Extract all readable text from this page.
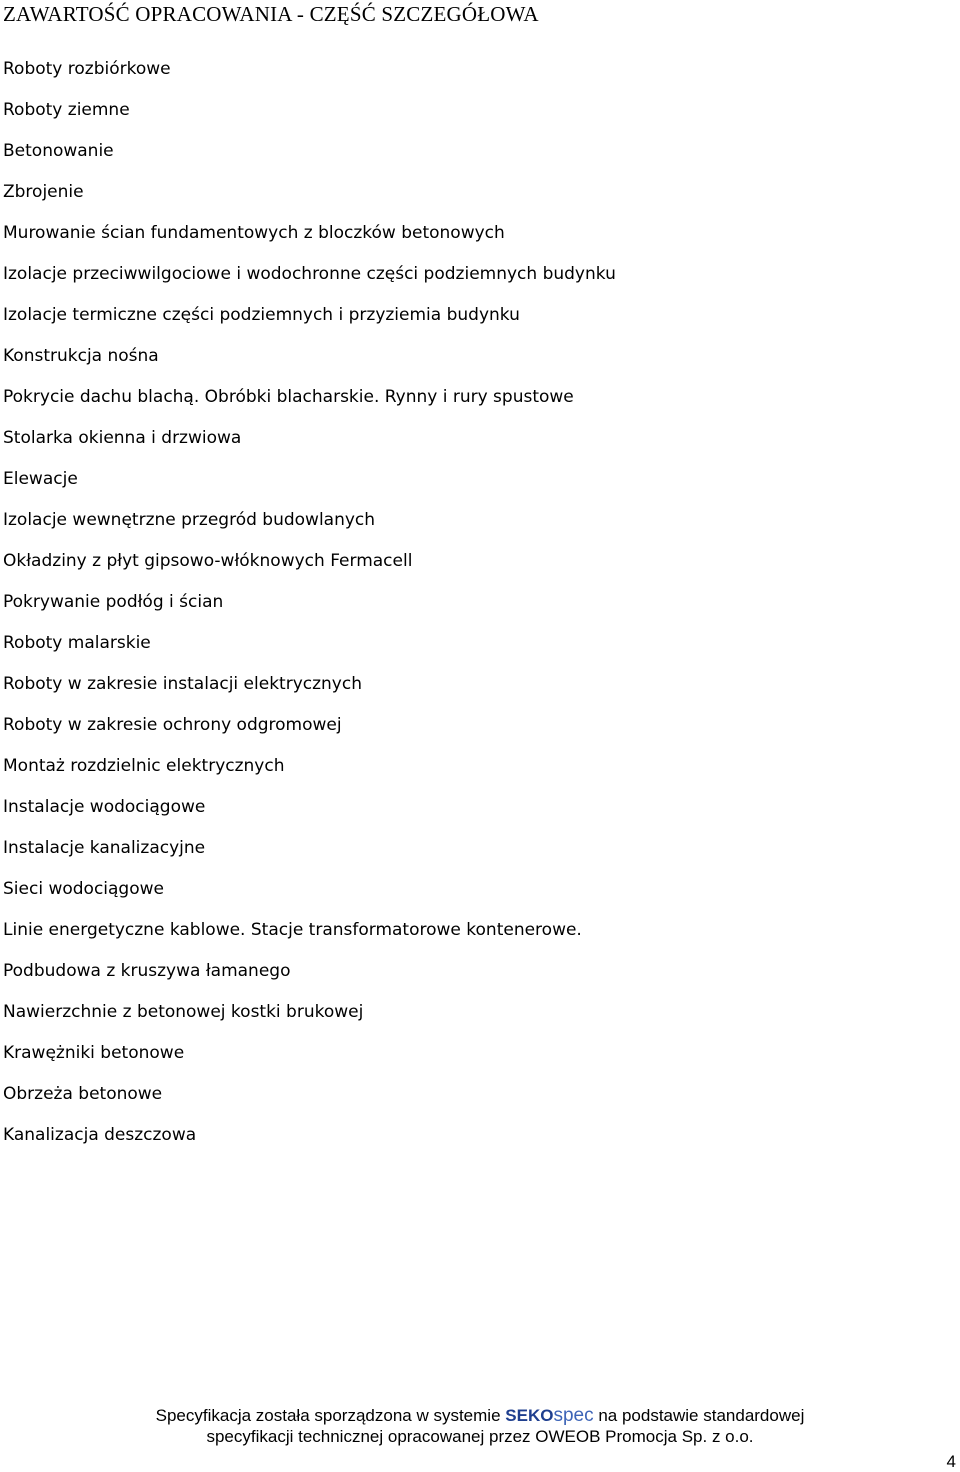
ZAWARTOŚĆ OPRACOWANIA - CZĘŚĆ SZCZEGÓŁOWA
Roboty rozbiórkowe
Roboty ziemne
Betonowanie
Zbrojenie
Murowanie ścian fundamentowych z bloczków betonowych
Izolacje przeciwwilgociowe i wodochronne części podziemnych budynku
Izolacje termiczne części podziemnych i przyziemia budynku
Konstrukcja nośna
Pokrycie dachu blachą. Obróbki blacharskie. Rynny i rury spustowe
Stolarka okienna i drzwiowa
Elewacje
Izolacje wewnętrzne przegród budowlanych
Okładziny z płyt gipsowo-włóknowych Fermacell
Pokrywanie podłóg i ścian
Roboty malarskie
Roboty w zakresie instalacji elektrycznych
Roboty w zakresie ochrony odgromowej
Montaż rozdzielnic elektrycznych
Instalacje wodociągowe
Instalacje kanalizacyjne
Sieci wodociągowe
Linie energetyczne kablowe. Stacje transformatorowe kontenerowe.
Podbudowa z kruszywa łamanego
Nawierzchnie z betonowej kostki brukowej
Krawężniki betonowe
Obrzeża betonowe
Kanalizacja deszczowa
Specyfikacja została sporządzona w systemie SEKOspec na podstawie standardowej
specyfikacji technicznej opracowanej przez OWEOB Promocja Sp. z o.o.
4
